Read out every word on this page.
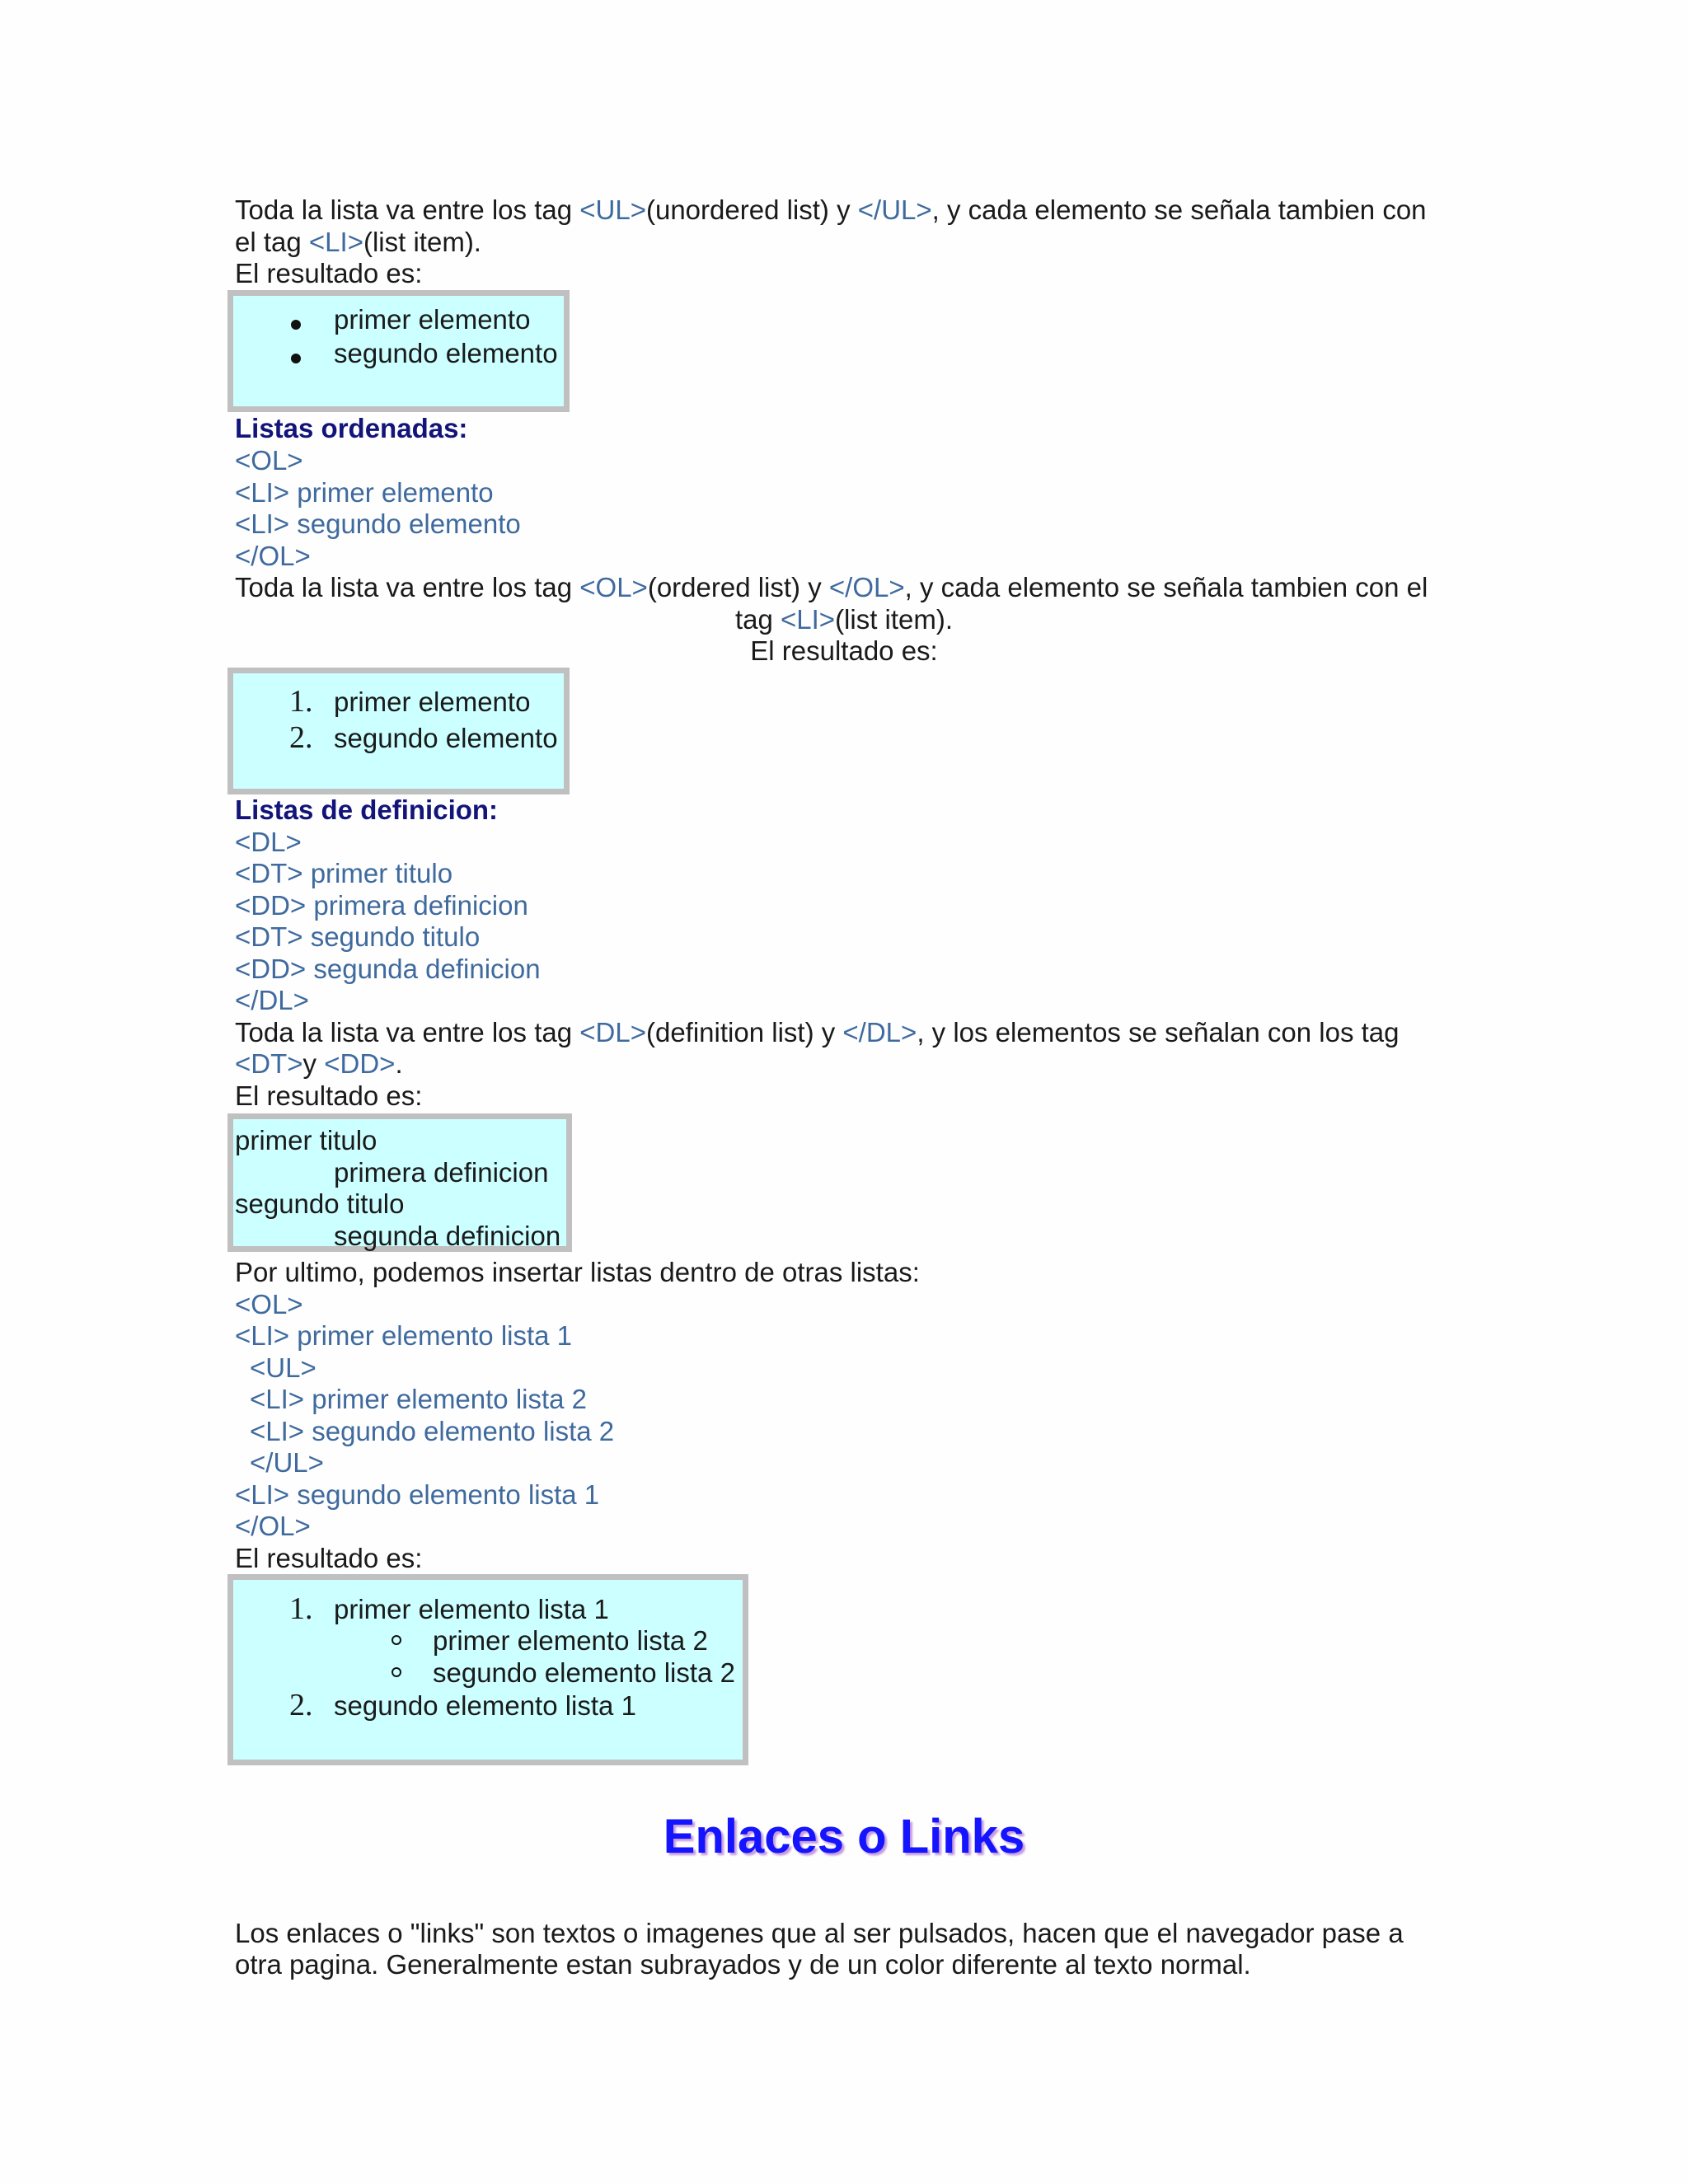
Toda la lista va entre los tag <UL>(unordered list) y </UL>, y cada elemento se señala tambien con
el tag <LI>(list item).
El resultado es:
primer elemento
segundo elemento
Listas ordenadas:
<OL>
<LI> primer elemento
<LI> segundo elemento
</OL>
Toda la lista va entre los tag <OL>(ordered list) y </OL>, y cada elemento se señala tambien con el
tag <LI>(list item).
El resultado es:
1. primer elemento
2. segundo elemento
Listas de definicion:
<DL>
<DT> primer titulo
<DD> primera definicion
<DT> segundo titulo
<DD> segunda definicion
</DL>
Toda la lista va entre los tag <DL>(definition list) y </DL>, y los elementos se señalan con los tag
<DT>y <DD>.
El resultado es:
primer titulo
primera definicion
segundo titulo
segunda definicion
Por ultimo, podemos insertar listas dentro de otras listas:
<OL>
<LI> primer elemento lista 1
<UL>
<LI> primer elemento lista 2
<LI> segundo elemento lista 2
</UL>
<LI> segundo elemento lista 1
</OL>
El resultado es:
1. primer elemento lista 1
primer elemento lista 2
segundo elemento lista 2
2. segundo elemento lista 1
Enlaces o Links
Los enlaces o "links" son textos o imagenes que al ser pulsados, hacen que el navegador pase a
otra pagina. Generalmente estan subrayados y de un color diferente al texto normal.
